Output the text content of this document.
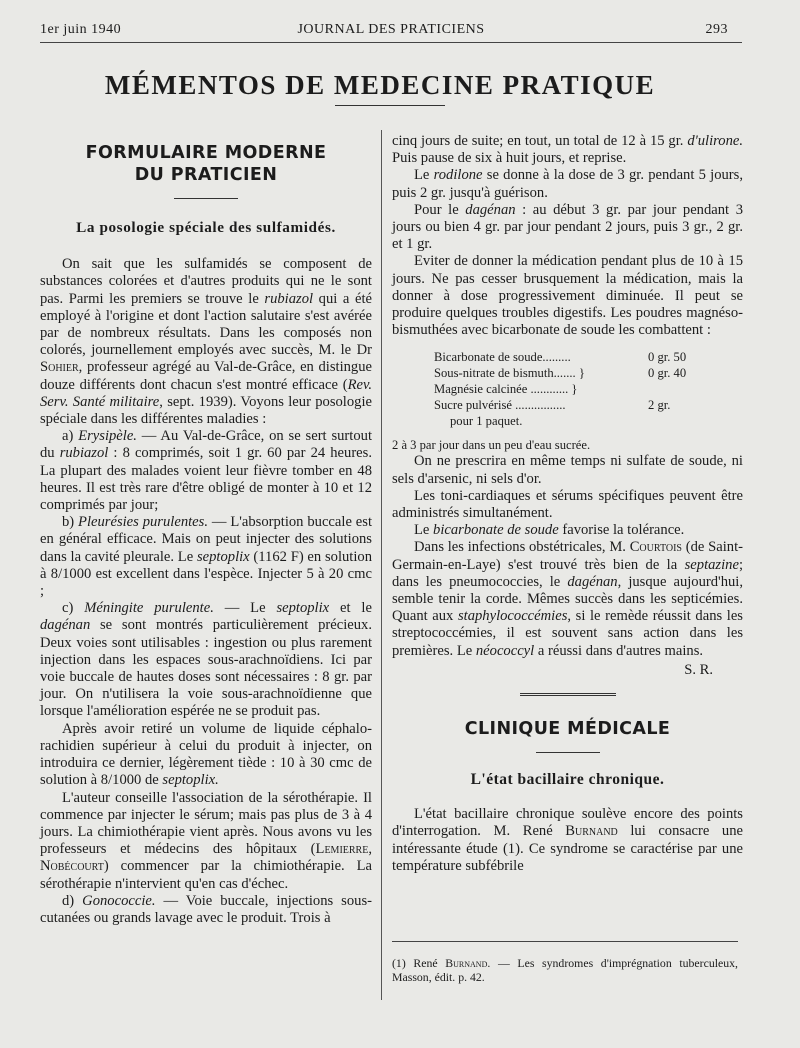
1er juin 1940	JOURNAL DES PRATICIENS	293
MÉMENTOS DE MEDECINE PRATIQUE
FORMULAIRE MODERNE
DU PRATICIEN
La posologie spéciale des sulfamidés.

On sait que les sulfamidés se composent de substances colorées et d'autres produits qui ne le sont pas. Parmi les premiers se trouve le rubiazol qui a été employé à l'origine et dont l'action salutaire s'est avérée par de nombreux résultats. Dans les composés non colorés, journellement employés avec succès, M. le Dr Sohier, professeur agrégé au Val-de-Grâce, en distingue douze différents dont chacun s'est montré efficace (Rev. Serv. Santé militaire, sept. 1939). Voyons leur posologie spéciale dans les différentes maladies :

a) Erysipèle. — Au Val-de-Grâce, on se sert surtout du rubiazol : 8 comprimés, soit 1 gr. 60 par 24 heures. La plupart des malades voient leur fièvre tomber en 48 heures. Il est très rare d'être obligé de monter à 10 et 12 comprimés par jour;

b) Pleurésies purulentes. — L'absorption buccale est en général efficace. Mais on peut injecter des solutions dans la cavité pleurale. Le septoplix (1162 F) en solution à 8/1000 est excellent dans l'espèce. Injecter 5 à 20 cmc ;

c) Méningite purulente. — Le septoplix et le dagénan se sont montrés particulièrement précieux. Deux voies sont utilisables : ingestion ou plus rarement injection dans les espaces sous-arachnoïdiens. Ici par voie buccale de hautes doses sont nécessaires : 8 gr. par jour. On n'utilisera la voie sous-arachnoïdienne que lorsque l'amélioration espérée ne se produit pas.

Après avoir retiré un volume de liquide céphalo-rachidien supérieur à celui du produit à injecter, on introduira ce dernier, légèrement tiède : 10 à 30 cmc de solution à 8/1000 de septoplix.

L'auteur conseille l'association de la sérothérapie. Il commence par injecter le sérum; mais pas plus de 3 à 4 jours. La chimiothérapie vient après. Nous avons vu les professeurs et médecins des hôpitaux (Lemierre, Nobécourt) commencer par la chimiothérapie. La sérothérapie n'intervient qu'en cas d'échec.

d) Gonococcie. — Voie buccale, injections sous-cutanées ou grands lavage avec le produit. Trois à

cinq jours de suite; en tout, un total de 12 à 15 gr. d'ulirone. Puis pause de six à huit jours, et reprise.

Le rodilone se donne à la dose de 3 gr. pendant 5 jours, puis 2 gr. jusqu'à guérison.

Pour le dagénan : au début 3 gr. par jour pendant 3 jours ou bien 4 gr. par jour pendant 2 jours, puis 3 gr., 2 gr. et 1 gr.

Eviter de donner la médication pendant plus de 10 à 15 jours. Ne pas cesser brusquement la médication, mais la donner à dose progressivement diminuée. Il peut se produire quelques troubles digestifs. Les poudres magnéso-bismuthées avec bicarbonate de soude les combattent :

Bicarbonate de soude.........	0 gr. 50
Sous-nitrate de bismuth....... }	0 gr. 40
Magnésie calcinée ............ }
Sucre pulvérisé ................	2 gr.
pour 1 paquet.

2 à 3 par jour dans un peu d'eau sucrée.

On ne prescrira en même temps ni sulfate de soude, ni sels d'arsenic, ni sels d'or.

Les toni-cardiaques et sérums spécifiques peuvent être administrés simultanément.

Le bicarbonate de soude favorise la tolérance.

Dans les infections obstétricales, M. Courtois (de Saint-Germain-en-Laye) s'est trouvé très bien de la septazine; dans les pneumococcies, le dagénan, jusque aujourd'hui, semble tenir la corde. Mêmes succès dans les septicémies. Quant aux staphylococcémies, si le remède réussit dans les streptococcémies, il est souvent sans action dans les premières. Le néococcyl a réussi dans d'autres mains.

S. R.
CLINIQUE MÉDICALE
L'état bacillaire chronique.

L'état bacillaire chronique soulève encore des points d'interrogation. M. René Burnand lui consacre une intéressante étude (1). Ce syndrome se caractérise par une température subfébrile

(1) René Burnand. — Les syndromes d'imprégnation tuberculeux, Masson, édit. p. 42.
